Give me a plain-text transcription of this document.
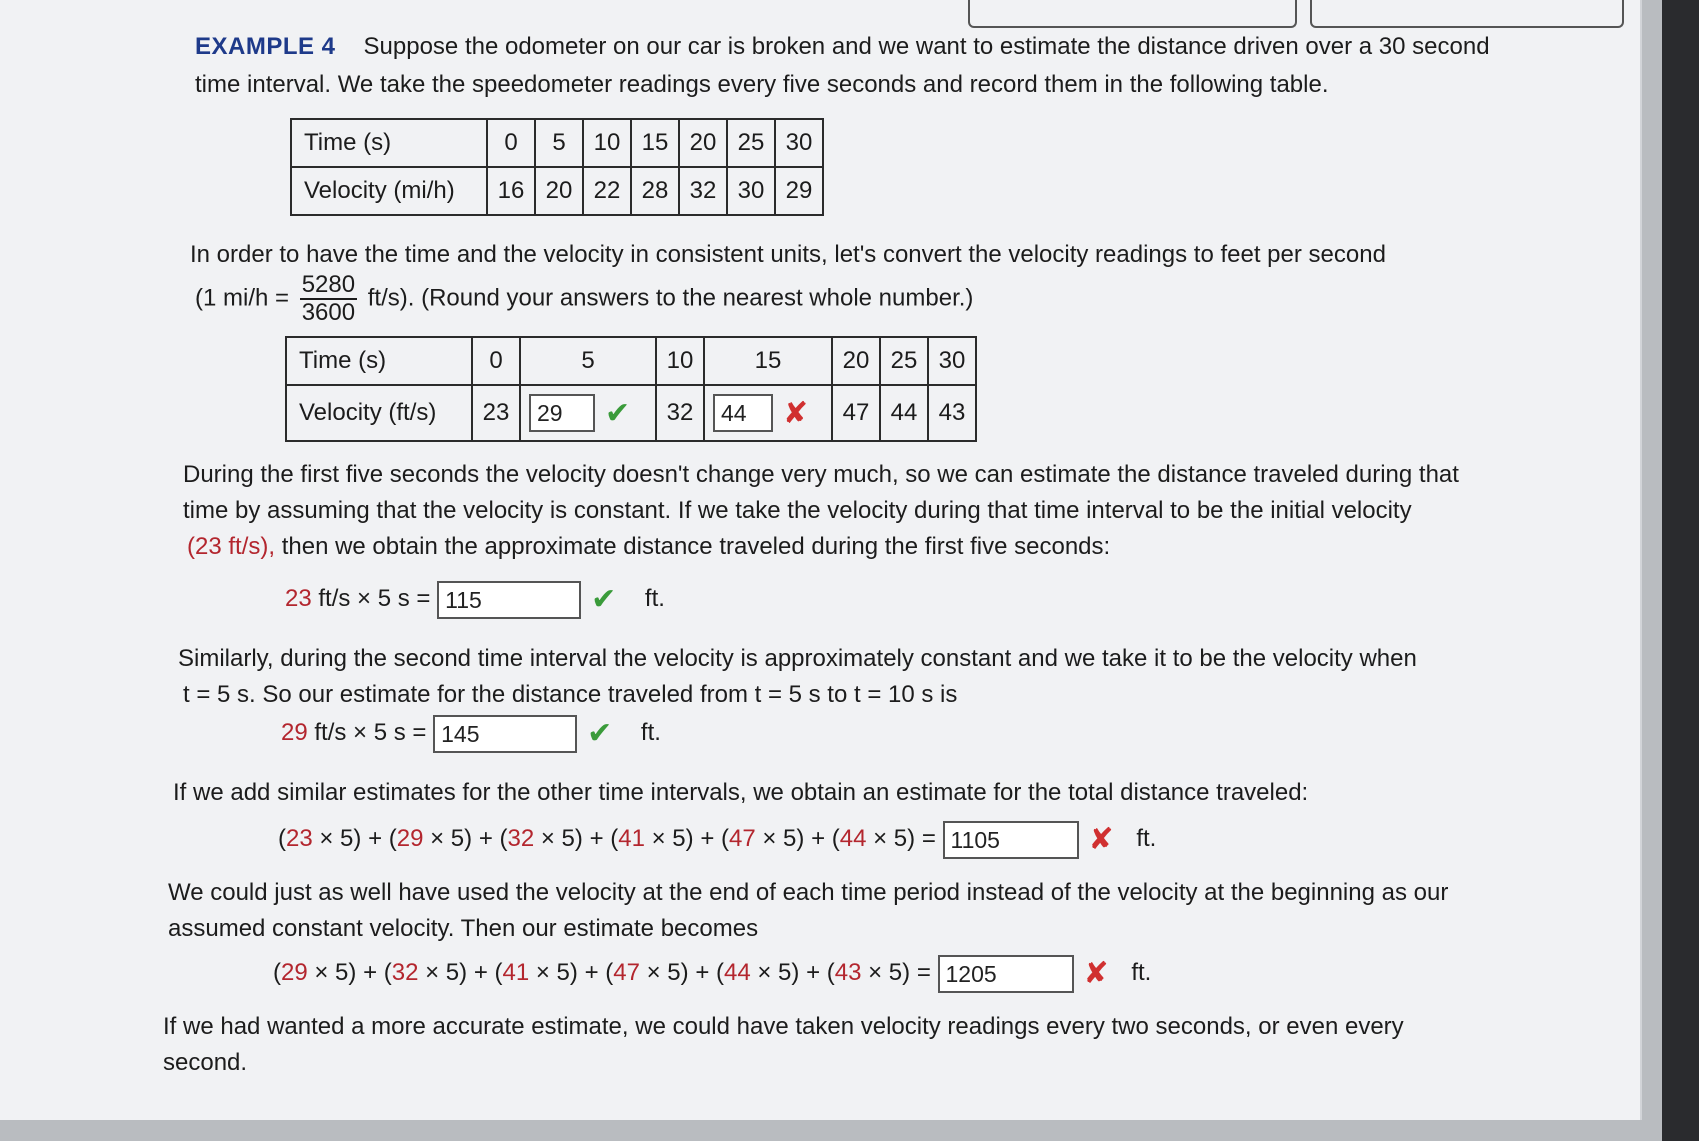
EXAMPLE 4 Suppose the odometer on our car is broken and we want to estimate the distance driven over a 30 second

time interval. We take the speedometer readings every five seconds and record them in the following table.

Time (s)	0	5	10	15	20	25	30
Velocity (mi/h)	16	20	22	28	32	30	29

In order to have the time and the velocity in consistent units, let's convert the velocity readings to feet per second

(1 $mi/h = \frac{5280}{3600} ft/s$). (Round your answers to the nearest whole number.)

Time (s)	0	5	10	15	20	25	30
Velocity (ft/s)	23	29 ✔	32	44 ✘	47	44	43

During the first five seconds the velocity doesn't change very much, so we can estimate the distance traveled during that

time by assuming that the velocity is constant. If we take the velocity during that time interval to be the initial velocity

(23 ft/s), then we obtain the approximate distance traveled during the first five seconds:

23 ft/s × 5 s = 115	✔ ft.

Similarly, during the second time interval the velocity is approximately constant and we take it to be the velocity when

t = 5 s. So our estimate for the distance traveled from t = 5 s to t = 10 s is

29 ft/s × 5 s = 145	✔ ft.

If we add similar estimates for the other time intervals, we obtain an estimate for the total distance traveled:

(23 × 5) + (29 × 5) + (32 × 5) + (41 × 5) + (47 × 5) + (44 × 5) = 1105	✘ ft.

We could just as well have used the velocity at the end of each time period instead of the velocity at the beginning as our

assumed constant velocity. Then our estimate becomes

(29 × 5) + (32 × 5) + (41 × 5) + (47 × 5) + (44 × 5) + (43 × 5) = 1205	✘ ft.

If we had wanted a more accurate estimate, we could have taken velocity readings every two seconds, or even every

second.
